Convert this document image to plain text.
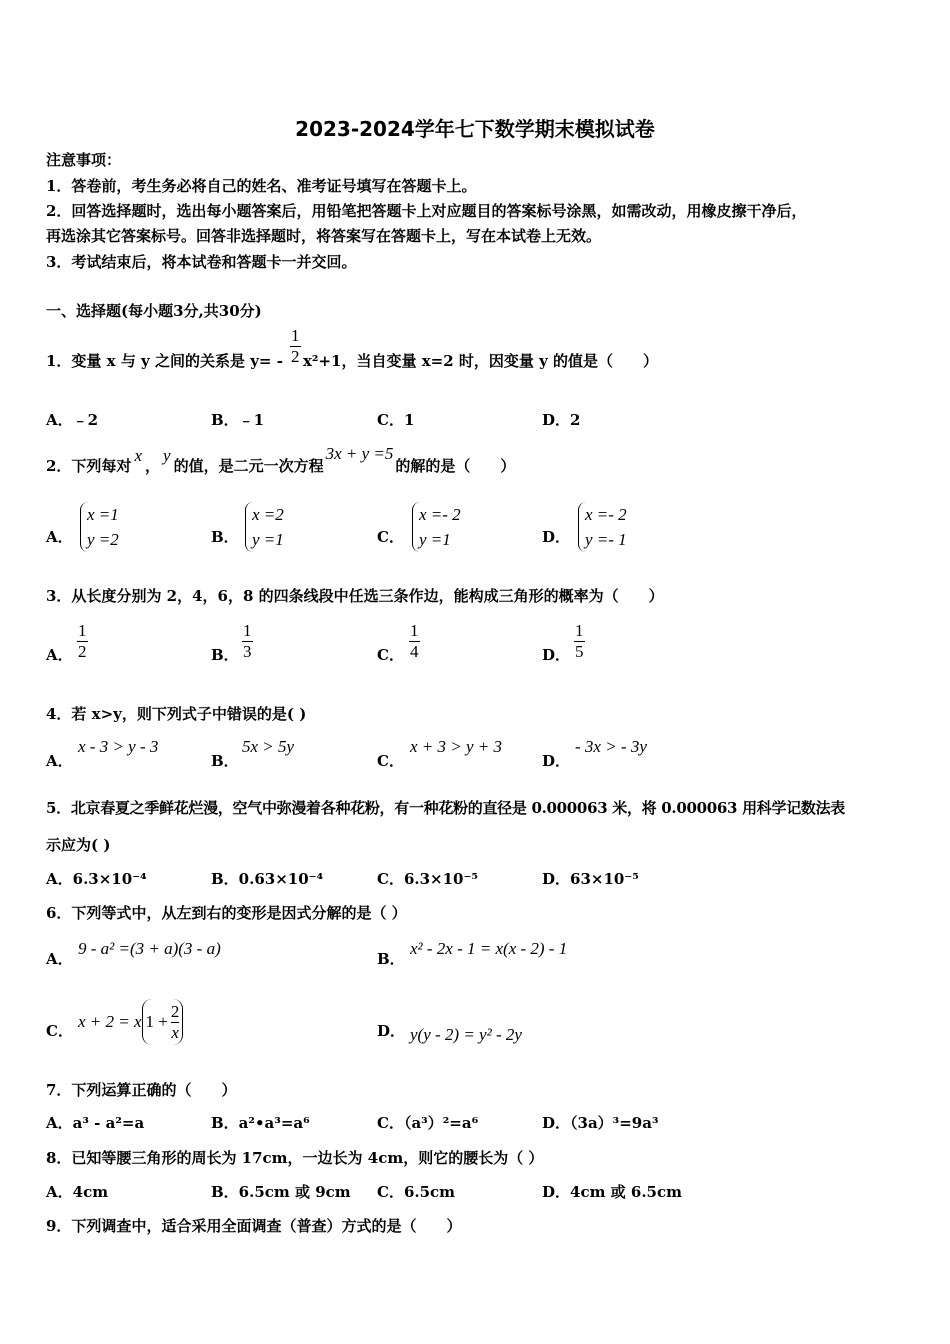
2023-2024学年七下数学期末模拟试卷
注意事项：
1．答卷前，考生务必将自己的姓名、准考证号填写在答题卡上。
2．回答选择题时，选出每小题答案后，用铅笔把答题卡上对应题目的答案标号涂黑，如需改动，用橡皮擦干净后，
再选涂其它答案标号。回答非选择题时，将答案写在答题卡上，写在本试卷上无效。
3．考试结束后，将本试卷和答题卡一并交回。
一、选择题(每小题3分,共30分)
1．变量 x 与 y 之间的关系是 y= - x²+1，当自变量 x=2 时，因变量 y 的值是（　　）
$\frac{1}{2}$
A．﹣2	B．﹣1	C．1	D．2
2．下列每对x，y的值，是二元一次方程3x + y =5的解的是（　　）
A．
x =1
y =2	B．
x =2
y =1	C．
x =- 2
y =1	D．
x =- 2
y =- 1
3．从长度分别为 2，4，6，8 的四条线段中任选三条作边，能构成三角形的概率为（　　）
A． $\frac{1}{2}$	B． $\frac{1}{3}$	C． $\frac{1}{4}$	D． $\frac{1}{5}$
4．若 x>y，则下列式子中错误的是( )
A．
x - 3 > y - 3
B．
5x > 5y
C．
x + 3 > y + 3
D．
- 3x > - 3y
5．北京春夏之季鲜花烂漫，空气中弥漫着各种花粉，有一种花粉的直径是 0.000063 米，将 0.000063 用科学记数法表
示应为( )
A．6.3×10⁻⁴	B．0.63×10⁻⁴	C．6.3×10⁻⁵	D．63×10⁻⁵
6．下列等式中，从左到右的变形是因式分解的是（ ）
A．
9 - a² =(3 + a)(3 - a)
B．
x² - 2x - 1 = x(x - 2) - 1
C． x + 2 = x $1 + \frac{2}{x}$	D． y(y - 2) = y² - 2y
7．下列运算正确的（　　）
A．a³ - a²=a	B．a²•a³=a⁶	C．（a³）²=a⁶	D．（3a）³=9a³
8．已知等腰三角形的周长为 17cm，一边长为 4cm，则它的腰长为（ ）
A．4cm	B．6.5cm 或 9cm C．6.5cm	D．4cm 或 6.5cm
9．下列调查中，适合采用全面调查（普查）方式的是（　　）
